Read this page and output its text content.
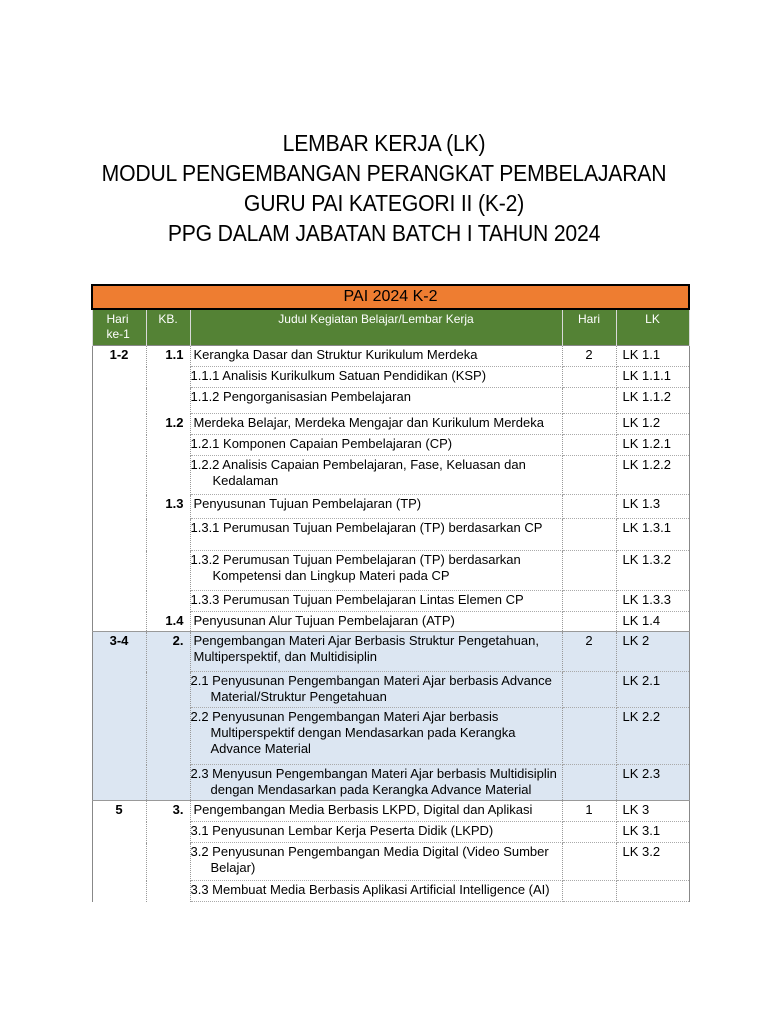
LEMBAR KERJA (LK)
MODUL PENGEMBANGAN PERANGKAT PEMBELAJARAN
GURU PAI KATEGORI II (K-2)
PPG DALAM JABATAN BATCH I TAHUN 2024
PAI 2024 K-2				
Hari ke-1	KB.	Judul Kegiatan Belajar/Lembar Kerja	Hari	LK
1-2	1.1	Kerangka Dasar dan Struktur Kurikulum Merdeka	2	LK 1.1
		1.1.1 Analisis Kurikulkum Satuan Pendidikan (KSP)		LK 1.1.1
		1.1.2 Pengorganisasian Pembelajaran		LK 1.1.2
	1.2	Merdeka Belajar, Merdeka Mengajar dan Kurikulum Merdeka		LK 1.2
		1.2.1 Komponen Capaian Pembelajaran (CP)		LK 1.2.1
		1.2.2 Analisis Capaian Pembelajaran, Fase, Keluasan dan Kedalaman		LK 1.2.2
	1.3	Penyusunan Tujuan Pembelajaran (TP)		LK 1.3
		1.3.1 Perumusan Tujuan Pembelajaran (TP) berdasarkan CP		LK 1.3.1
		1.3.2 Perumusan Tujuan Pembelajaran (TP) berdasarkan Kompetensi dan Lingkup Materi pada CP		LK 1.3.2
		1.3.3 Perumusan Tujuan Pembelajaran Lintas Elemen CP		LK 1.3.3
	1.4	Penyusunan Alur Tujuan Pembelajaran (ATP)		LK 1.4
3-4	2.	Pengembangan Materi Ajar Berbasis Struktur Pengetahuan, Multiperspektif, dan Multidisiplin	2	LK 2
		2.1 Penyusunan Pengembangan Materi Ajar berbasis Advance Material/Struktur Pengetahuan		LK 2.1
		2.2 Penyusunan Pengembangan Materi Ajar berbasis Multiperspektif dengan Mendasarkan pada Kerangka Advance Material		LK 2.2
		2.3 Menyusun Pengembangan Materi Ajar berbasis Multidisiplin dengan Mendasarkan pada Kerangka Advance Material		LK 2.3
5	3.	Pengembangan Media Berbasis LKPD, Digital dan Aplikasi	1	LK 3
		3.1 Penyusunan Lembar Kerja Peserta Didik (LKPD)		LK 3.1
		3.2 Penyusunan Pengembangan Media Digital (Video Sumber Belajar)		LK 3.2
		3.3 Membuat Media Berbasis Aplikasi Artificial Intelligence (AI)		
